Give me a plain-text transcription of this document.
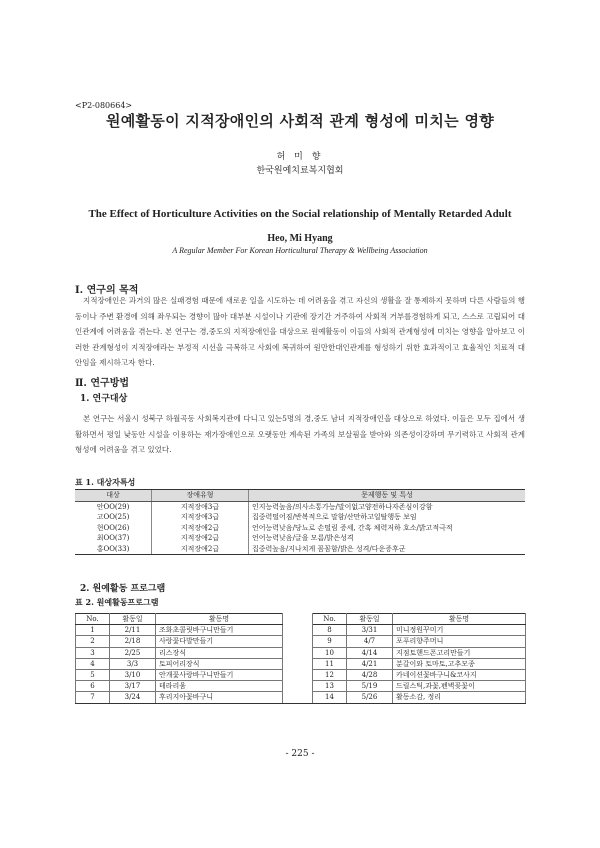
<P2-080664>
원예활동이 지적장애인의 사회적 관계 형성에 미치는 영향
허 미 향
한국원예치료복지협회
The Effect of Horticulture Activities on the Social relationship of Mentally Retarded Adult
Heo, Mi Hyang
A Regular Member For Korean Horticultural Therapy & Wellbeing Association
Ⅰ. 연구의 목적
지적장애인은 과거의 많은 실패경험 때문에 새로운 일을 시도하는 데 어려움을 겪고 자신의 생활을 잘 통제하지 못하며 다른 사람들의 행동이나 주변 환경에 의해 좌우되는 경향이 많아 대부분 시설이나 기관에 장기간 거주하여 사회적 거부를경험하게 되고, 스스로 고립되어 대인관계에 어려움을 겪는다. 본 연구는 경,중도의 지적장애인을 대상으로 원예활동이 이들의 사회적 관계형성에 미치는 영향을 알아보고 이러한 관계형성이 지적장애라는 부정적 시선을 극복하고 사회에 복귀하여 원만한대인관계를 형성하기 위한 효과적이고 효율적인 치료적 대안임을 제시하고자 한다.
Ⅱ. 연구방법
1. 연구대상
본 연구는 서울시 성북구 하월곡동 사회복지관에 다니고 있는5명의 경,중도 남녀 지적장애인을 대상으로 하였다. 이들은 모두 집에서 생활하면서 평일 낮동안 시설을 이용하는 재가장애인으로 오랫동안 계속된 가족의 보살핌을 받아와 의존성이강하며 무기력하고 사회적 관계형성에 어려움을 겪고 있었다.
표 1. 대상자특성
대상	장애유형	문제행동 및 특성
안OO(29)	지적장애3급	인지능력높음/의사소통가능/말이없고얌전하나자존심이강함
고OO(25)	지적장애3급	집중력떨어짐/반복적으로 말함/산만하고일탈행동 보임
현OO(26)	지적장애2급	언어능력낮음/당뇨로 손떨림 증세, 간혹 체력저하 호소/밝고적극적
최OO(37)	지적장애2급	언어능력낮음/글을 모름/밝은성격
홍OO(33)	지적장애2급	집중력높음/지나치게 꼼꼼함/밝은 성격/다운증후군
2. 원예활동 프로그램
표 2. 원예활동프로그램
No.	활동일	활동명		No.	활동일	활동명
1	2/11	조화초콜릿바구니만들기		8	3/31	미니정원꾸미기
2	2/18	사랑꽃다발만들기		9	4/7	포푸리향주머니
3	2/25	리스장식		10	4/14	지점토핸드폰고리만들기
4	3/3	토피어리장식		11	4/21	분갈이와 토마토,고추모종
5	3/10	안개꽃사랑바구니만들기		12	4/28	카네이션꽃바구니&코사지
6	3/17	테라리움		13	5/19	드릴스틱,과꽃,펜벽꽂꽃이
7	3/24	후리지아꽃바구니		14	5/26	활동소감, 정리
- 225 -
